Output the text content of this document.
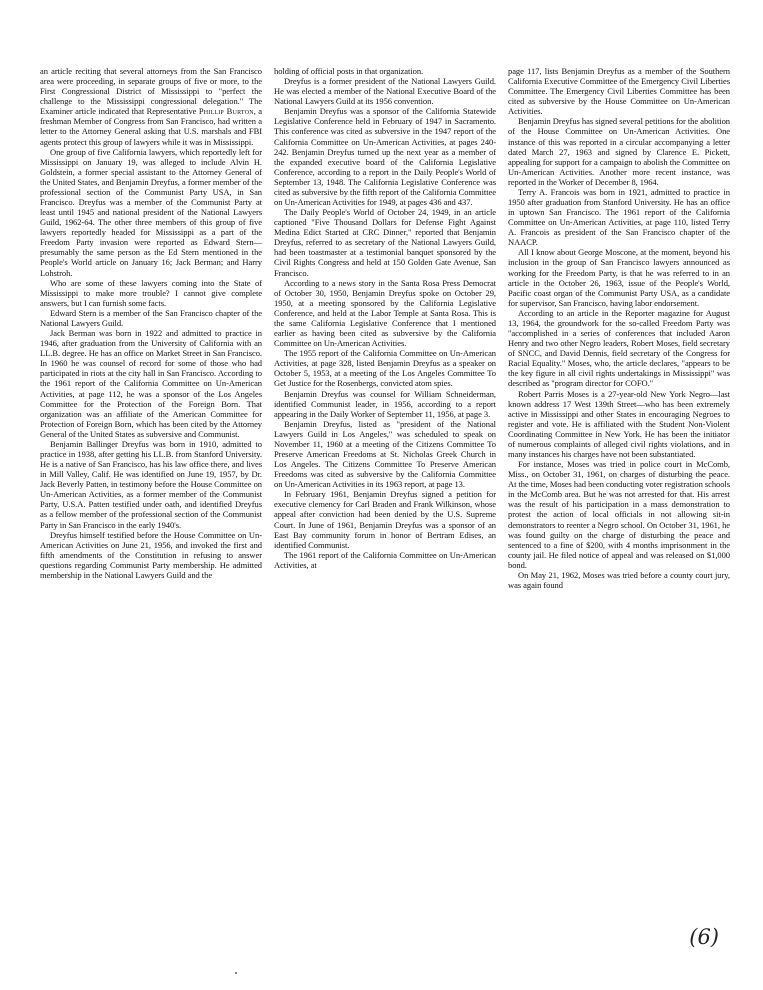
an article reciting that several attorneys from the San Francisco area were proceeding, in separate groups of five or more, to the First Congressional District of Mississippi to "perfect the challenge to the Mississippi congressional delegation." The Examiner article indicated that Representative Phillip Burton, a freshman Member of Congress from San Francisco, had written a letter to the Attorney General asking that U.S. marshals and FBI agents protect this group of lawyers while it was in Mississippi.

One group of five California lawyers, which reportedly left for Mississippi on January 19, was alleged to include Alvin H. Goldstein, a former special assistant to the Attorney General of the United States, and Benjamin Dreyfus, a former member of the professional section of the Communist Party USA, in San Francisco. Dreyfus was a member of the Communist Party at least until 1945 and national president of the National Lawyers Guild, 1962-64. The other three members of this group of five lawyers reportedly headed for Mississippi as a part of the Freedom Party invasion were reported as Edward Stern—presumably the same person as the Ed Stern mentioned in the People's World article on January 16; Jack Berman; and Harry Lohstroh.

Who are some of these lawyers coming into the State of Mississippi to make more trouble? I cannot give complete answers, but I can furnish some facts.

Edward Stern is a member of the San Francisco chapter of the National Lawyers Guild.

Jack Berman was born in 1922 and admitted to practice in 1946, after graduation from the University of California with an LL.B. degree. He has an office on Market Street in San Francisco. In 1960 he was counsel of record for some of those who had participated in riots at the city hall in San Francisco. According to the 1961 report of the California Committee on Un-American Activities, at page 112, he was a sponsor of the Los Angeles Committee for the Protection of the Foreign Born. That organization was an affiliate of the American Committee for Protection of Foreign Born, which has been cited by the Attorney General of the United States as subversive and Communist.

Benjamin Ballinger Dreyfus was born in 1910, admitted to practice in 1938, after getting his LL.B. from Stanford University. He is a native of San Francisco, has his law office there, and lives in Mill Valley, Calif. He was identified on June 19, 1957, by Dr. Jack Beverly Patten, in testimony before the House Committee on Un-American Activities, as a former member of the Communist Party, U.S.A. Patten testified under oath, and identified Dreyfus as a fellow member of the professional section of the Communist Party in San Francisco in the early 1940's.

Dreyfus himself testified before the House Committee on Un-American Activities on June 21, 1956, and invoked the first and fifth amendments of the Constitution in refusing to answer questions regarding Communist Party membership. He admitted membership in the National Lawyers Guild and the

holding of official posts in that organization.

Dreyfus is a former president of the National Lawyers Guild. He was elected a member of the National Executive Board of the National Lawyers Guild at its 1956 convention.

Benjamin Dreyfus was a sponsor of the California Statewide Legislative Conference held in February of 1947 in Sacramento. This conference was cited as subversive in the 1947 report of the California Committee on Un-American Activities, at pages 240-242. Benjamin Dreyfus turned up the next year as a member of the expanded executive board of the California Legislative Conference, according to a report in the Daily People's World of September 13, 1948. The California Legislative Conference was cited as subversive by the fifth report of the California Committee on Un-American Activities for 1949, at pages 436 and 437.

The Daily People's World of October 24, 1949, in an article captioned "Five Thousand Dollars for Defense Fight Against Medina Edict Started at CRC Dinner," reported that Benjamin Dreyfus, referred to as secretary of the National Lawyers Guild, had been toastmaster at a testimonial banquet sponsored by the Civil Rights Congress and held at 150 Golden Gate Avenue, San Francisco.

According to a news story in the Santa Rosa Press Democrat of October 30, 1950, Benjamin Dreyfus spoke on October 29, 1950, at a meeting sponsored by the California Legislative Conference, and held at the Labor Temple at Santa Rosa. This is the same California Legislative Conference that I mentioned earlier as having been cited as subversive by the California Committee on Un-American Activities.

The 1955 report of the California Committee on Un-American Activities, at page 328, listed Benjamin Dreyfus as a speaker on October 5, 1953, at a meeting of the Los Angeles Committee To Get Justice for the Rosenbergs, convicted atom spies.

Benjamin Dreyfus was counsel for William Schneiderman, identified Communist leader, in 1956, according to a report appearing in the Daily Worker of September 11, 1956, at page 3.

Benjamin Dreyfus, listed as "president of the National Lawyers Guild in Los Angeles," was scheduled to speak on November 11, 1960 at a meeting of the Citizens Committee To Preserve American Freedoms at St. Nicholas Greek Church in Los Angeles. The Citizens Committee To Preserve American Freedoms was cited as subversive by the California Committee on Un-American Activities in its 1963 report, at page 13.

In February 1961, Benjamin Dreyfus signed a petition for executive clemency for Carl Braden and Frank Wilkinson, whose appeal after conviction had been denied by the U.S. Supreme Court. In June of 1961, Benjamin Dreyfus was a sponsor of an East Bay community forum in honor of Bertram Edises, an identified Communist.

The 1961 report of the California Committee on Un-American Activities, at

page 117, lists Benjamin Dreyfus as a member of the Southern California Executive Committee of the Emergency Civil Liberties Committee. The Emergency Civil Liberties Committee has been cited as subversive by the House Committee on Un-American Activities.

Benjamin Dreyfus has signed several petitions for the abolition of the House Committee on Un-American Activities. One instance of this was reported in a circular accompanying a letter dated March 27, 1963 and signed by Clarence E. Pickett, appealing for support for a campaign to abolish the Committee on Un-American Activities. Another more recent instance, was reported in the Worker of December 8, 1964.

Terry A. Francois was born in 1921, admitted to practice in 1950 after graduation from Stanford University. He has an office in uptown San Francisco. The 1961 report of the California Committee on Un-American Activities, at page 110, listed Terry A. Francois as president of the San Francisco chapter of the NAACP.

All I know about George Moscone, at the moment, beyond his inclusion in the group of San Francisco lawyers announced as working for the Freedom Party, is that he was referred to in an article in the October 26, 1963, issue of the People's World, Pacific coast organ of the Communist Party USA, as a candidate for supervisor, San Francisco, having labor endorsement.

According to an article in the Reporter magazine for August 13, 1964, the groundwork for the so-called Freedom Party was "accomplished in a series of conferences that included Aaron Henry and two other Negro leaders, Robert Moses, field secretary of SNCC, and David Dennis, field secretary of the Congress for Racial Equality." Moses, who, the article declares, "appears to be the key figure in all civil rights undertakings in Mississippi" was described as "program director for COFO."

Robert Parris Moses is a 27-year-old New York Negro—last known address 17 West 139th Street—who has been extremely active in Mississippi and other States in encouraging Negroes to register and vote. He is affiliated with the Student Non-Violent Coordinating Committee in New York. He has been the initiator of numerous complaints of alleged civil rights violations, and in many instances his charges have not been substantiated.

For instance, Moses was tried in police court in McComb, Miss., on October 31, 1961, on charges of disturbing the peace. At the time, Moses had been conducting voter registration schools in the McComb area. But he was not arrested for that. His arrest was the result of his participation in a mass demonstration to protest the action of local officials in not allowing sit-in demonstrators to reenter a Negro school. On October 31, 1961, he was found guilty on the charge of disturbing the peace and sentenced to a fine of $200, with 4 months imprisonment in the county jail. He filed notice of appeal and was released on $1,000 bond.

On May 21, 1962, Moses was tried before a county court jury, was again found

(6)
